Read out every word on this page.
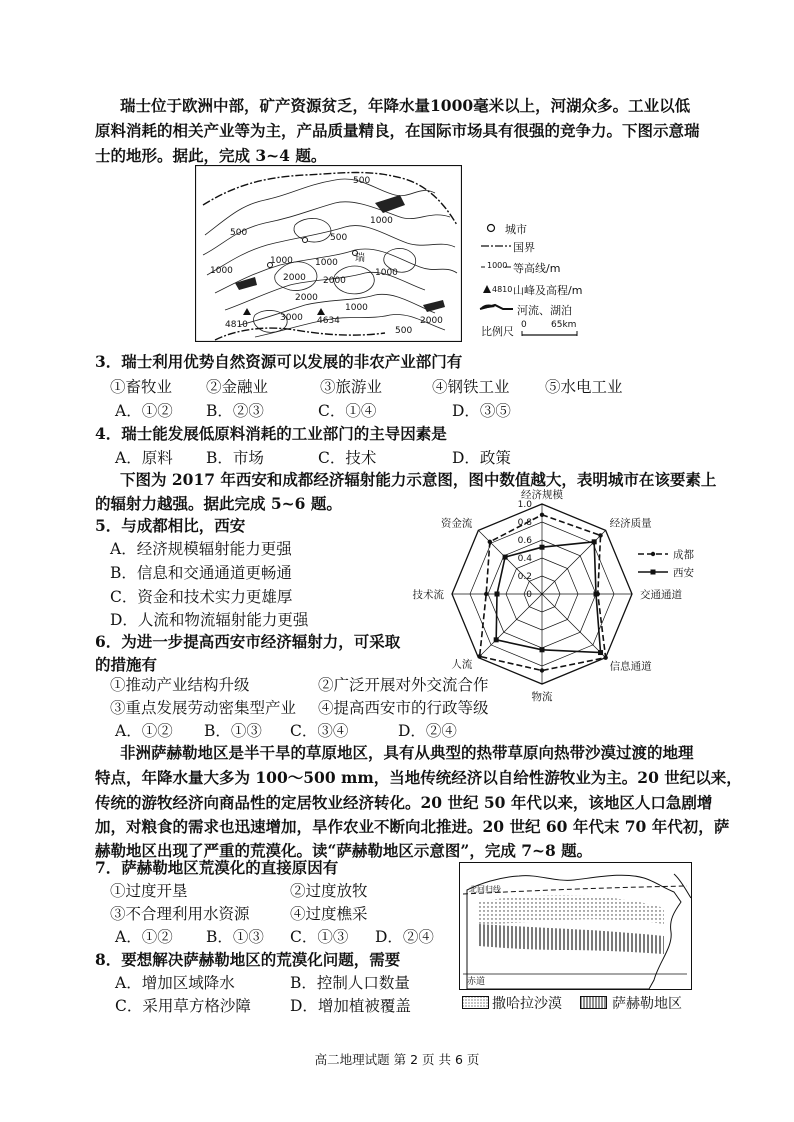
瑞士位于欧洲中部，矿产资源贫乏，年降水量1000毫米以上，河湖众多。工业以低
原料消耗的相关产业等为主，产品质量精良，在国际市场具有很强的竞争力。下图示意瑞
士的地形。据此，完成 3~4 题。
500
500
1000
1000
1000
2000
1000
2000
1000
2000
500
500
2000
3000
1000
4810	4634
瑞
城市
国界
1000 等高线/m
4810 山峰及高程/m
河流、湖泊
比例尺 0	65km
3．瑞士利用优势自然资源可以发展的非农产业部门有
①畜牧业 ②金融业	③旅游业	④钢铁工业 ⑤水电工业
A．①② B．②③	C．①④	D．③⑤
4．瑞士能发展低原料消耗的工业部门的主导因素是
A．原料 B．市场	C．技术	D．政策
下图为 2017 年西安和成都经济辐射能力示意图，图中数值越大，表明城市在该要素上
的辐射力越强。据此完成 5~6 题。
5．与成都相比，西安
A．经济规模辐射能力更强
B．信息和交通通道更畅通
C．资金和技术实力更雄厚
D．人流和物流辐射能力更强
6．为进一步提高西安市经济辐射力，可采取
的措施有
①推动产业结构升级	②广泛开展对外交流合作
③重点发展劳动密集型产业 ④提高西安市的行政等级
A．①② B．①③ C．③④	D．②④
0
0.2
0.4
0.6
0.8
1.0
经济规模
经济质量
交通通道
信息通道
物流
人流
技术流
资金流
成都
西安
非洲萨赫勒地区是半干旱的草原地区，具有从典型的热带草原向热带沙漠过渡的地理
特点，年降水量大多为 100～500 mm，当地传统经济以自给性游牧业为主。20 世纪以来，
传统的游牧经济向商品性的定居牧业经济转化。20 世纪 50 年代以来，该地区人口急剧增
加，对粮食的需求也迅速增加，旱作农业不断向北推进。20 世纪 60 年代末 70 年代初，萨
赫勒地区出现了严重的荒漠化。读“萨赫勒地区示意图”，完成 7~8 题。
7．萨赫勒地区荒漠化的直接原因有
①过度开垦	②过度放牧
③不合理利用水资源	④过度樵采
A．①② B．①③ C．①③ D．②④
8．要想解决萨赫勒地区的荒漠化问题，需要
A．增加区域降水	B．控制人口数量
C．采用草方格沙障	D．增加植被覆盖
北回归线
赤道
撒哈拉沙漠	萨赫勒地区
高二地理试题 第 2 页 共 6 页
